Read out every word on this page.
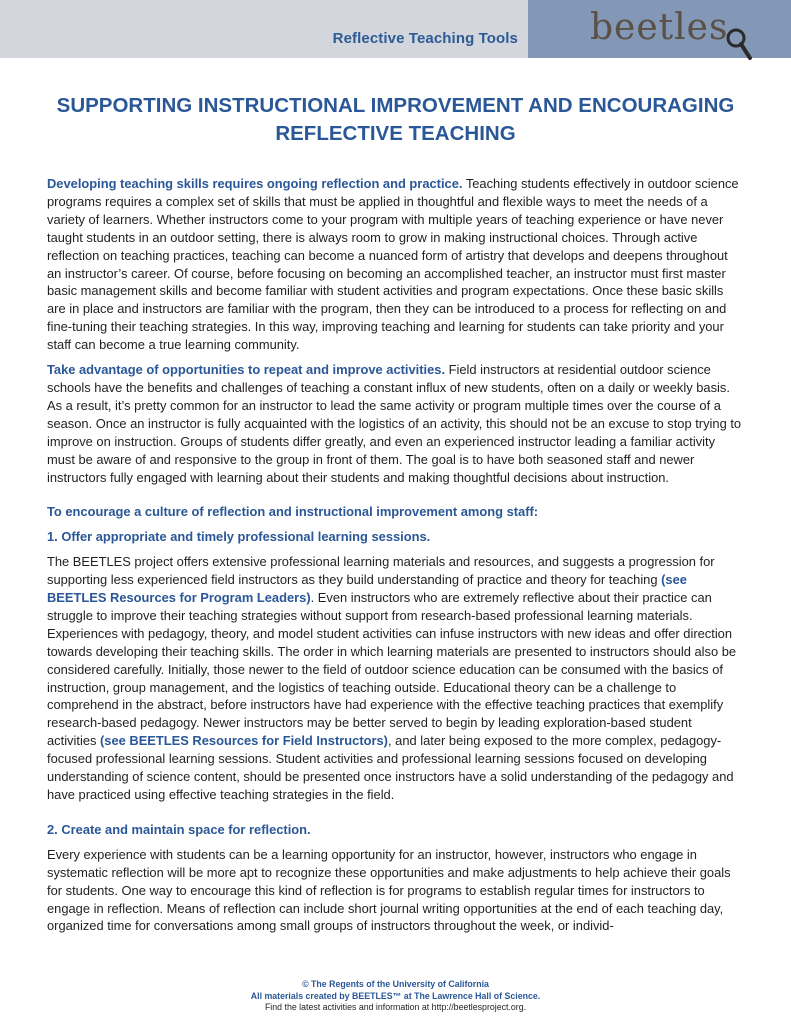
Reflective Teaching Tools beetles
SUPPORTING INSTRUCTIONAL IMPROVEMENT AND ENCOURAGING REFLECTIVE TEACHING

Developing teaching skills requires ongoing reflection and practice. Teaching students effectively in outdoor science programs requires a complex set of skills that must be applied in thoughtful and flexible ways to meet the needs of a variety of learners. Whether instructors come to your program with multiple years of teaching experience or have never taught students in an outdoor setting, there is always room to grow in making instructional choices. Through active reflection on teaching practices, teaching can become a nuanced form of artistry that develops and deepens throughout an instructor’s career. Of course, before focusing on becoming an accomplished teacher, an instructor must first master basic management skills and become familiar with student activities and program expectations. Once these basic skills are in place and instructors are familiar with the program, then they can be introduced to a process for reflecting on and fine-tuning their teaching strategies. In this way, improving teaching and learning for students can take priority and your staff can become a true learning community.

Take advantage of opportunities to repeat and improve activities. Field instructors at residential outdoor science schools have the benefits and challenges of teaching a constant influx of new students, often on a daily or weekly basis. As a result, it’s pretty common for an instructor to lead the same activity or program multiple times over the course of a season. Once an instructor is fully acquainted with the logistics of an activity, this should not be an excuse to stop trying to improve on instruction. Groups of students differ greatly, and even an experienced instructor leading a familiar activity must be aware of and responsive to the group in front of them. The goal is to have both seasoned staff and newer instructors fully engaged with learning about their students and making thoughtful decisions about instruction.

To encourage a culture of reflection and instructional improvement among staff:
1. Offer appropriate and timely professional learning sessions.

The BEETLES project offers extensive professional learning materials and resources, and suggests a progression for supporting less experienced field instructors as they build understanding of practice and theory for teaching (see BEETLES Resources for Program Leaders). Even instructors who are extremely reflective about their practice can struggle to improve their teaching strategies without support from research-based professional learning materials. Experiences with pedagogy, theory, and model student activities can infuse instructors with new ideas and offer direction towards developing their teaching skills. The order in which learning materials are presented to instructors should also be considered carefully. Initially, those newer to the field of outdoor science education can be consumed with the basics of instruction, group management, and the logistics of teaching outside. Educational theory can be a challenge to comprehend in the abstract, before instructors have had experience with the effective teaching practices that exemplify research-based pedagogy. Newer instructors may be better served to begin by leading exploration-based student activities (see BEETLES Resources for Field Instructors), and later being exposed to the more complex, pedagogy-focused professional learning sessions. Student activities and professional learning sessions focused on developing understanding of science content, should be presented once instructors have a solid understanding of the pedagogy and have practiced using effective teaching strategies in the field.

2. Create and maintain space for reflection.

Every experience with students can be a learning opportunity for an instructor, however, instructors who engage in systematic reflection will be more apt to recognize these opportunities and make adjustments to help achieve their goals for students. One way to encourage this kind of reflection is for programs to establish regular times for instructors to engage in reflection. Means of reflection can include short journal writing opportunities at the end of each teaching day, organized time for conversations among small groups of instructors throughout the week, or individ-

© The Regents of the University of California
All materials created by BEETLES™ at The Lawrence Hall of Science.
Find the latest activities and information at http://beetlesproject.org.
